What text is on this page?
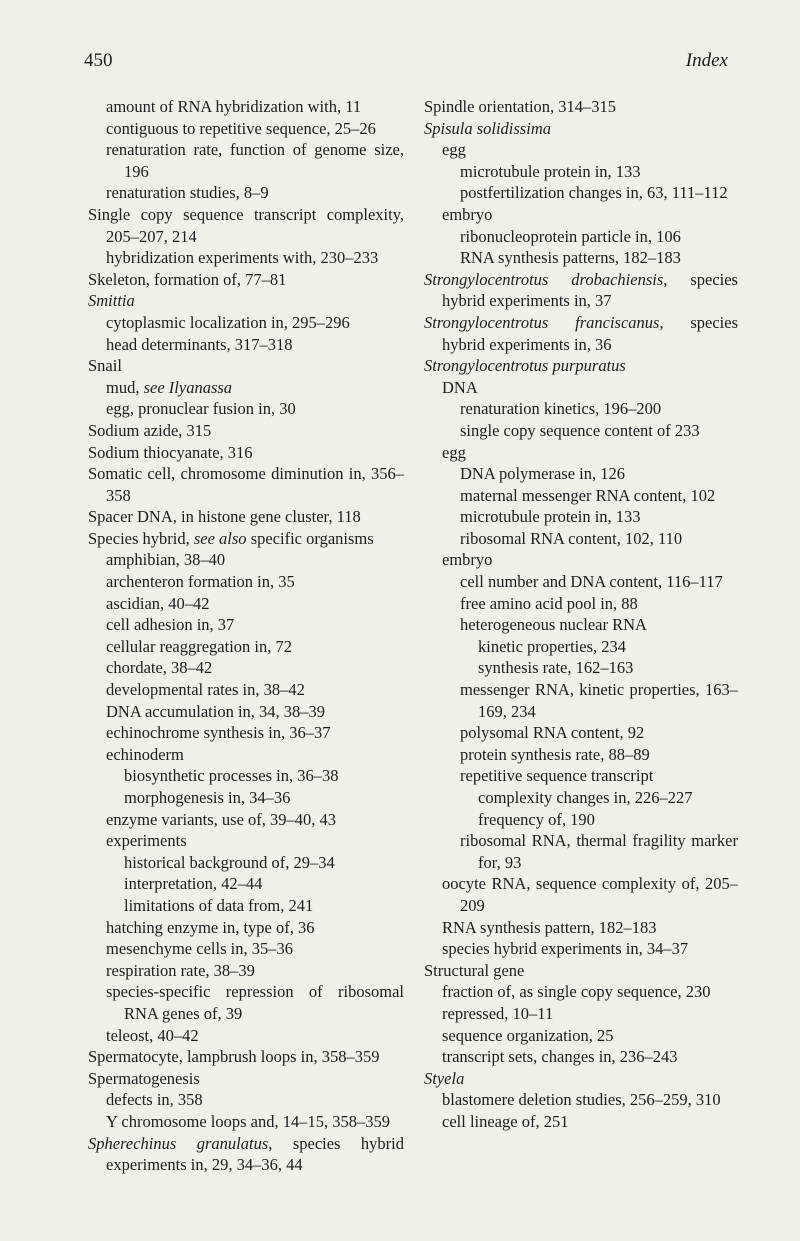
450	Index
amount of RNA hybridization with, 11
contiguous to repetitive sequence, 25–26
renaturation rate, function of genome size, 196
renaturation studies, 8–9
Single copy sequence transcript complexity, 205–207, 214
hybridization experiments with, 230–233
Skeleton, formation of, 77–81
Smittia
cytoplasmic localization in, 295–296
head determinants, 317–318
Snail
mud, see Ilyanassa
egg, pronuclear fusion in, 30
Sodium azide, 315
Sodium thiocyanate, 316
Somatic cell, chromosome diminution in, 356–358
Spacer DNA, in histone gene cluster, 118
Species hybrid, see also specific organisms
amphibian, 38–40
archenteron formation in, 35
ascidian, 40–42
cell adhesion in, 37
cellular reaggregation in, 72
chordate, 38–42
developmental rates in, 38–42
DNA accumulation in, 34, 38–39
echinochrome synthesis in, 36–37
echinoderm
biosynthetic processes in, 36–38
morphogenesis in, 34–36
enzyme variants, use of, 39–40, 43
experiments
historical background of, 29–34
interpretation, 42–44
limitations of data from, 241
hatching enzyme in, type of, 36
mesenchyme cells in, 35–36
respiration rate, 38–39
species-specific repression of ribosomal RNA genes of, 39
teleost, 40–42
Spermatocyte, lampbrush loops in, 358–359
Spermatogenesis
defects in, 358
Y chromosome loops and, 14–15, 358–359
Spherechinus granulatus, species hybrid experiments in, 29, 34–36, 44
Spindle orientation, 314–315
Spisula solidissima
egg
microtubule protein in, 133
postfertilization changes in, 63, 111–112
embryo
ribonucleoprotein particle in, 106
RNA synthesis patterns, 182–183
Strongylocentrotus drobachiensis, species hybrid experiments in, 37
Strongylocentrotus franciscanus, species hybrid experiments in, 36
Strongylocentrotus purpuratus
DNA
renaturation kinetics, 196–200
single copy sequence content of 233
egg
DNA polymerase in, 126
maternal messenger RNA content, 102
microtubule protein in, 133
ribosomal RNA content, 102, 110
embryo
cell number and DNA content, 116–117
free amino acid pool in, 88
heterogeneous nuclear RNA
kinetic properties, 234
synthesis rate, 162–163
messenger RNA, kinetic properties, 163–169, 234
polysomal RNA content, 92
protein synthesis rate, 88–89
repetitive sequence transcript
complexity changes in, 226–227
frequency of, 190
ribosomal RNA, thermal fragility marker for, 93
oocyte RNA, sequence complexity of, 205–209
RNA synthesis pattern, 182–183
species hybrid experiments in, 34–37
Structural gene
fraction of, as single copy sequence, 230
repressed, 10–11
sequence organization, 25
transcript sets, changes in, 236–243
Styela
blastomere deletion studies, 256–259, 310
cell lineage of, 251
